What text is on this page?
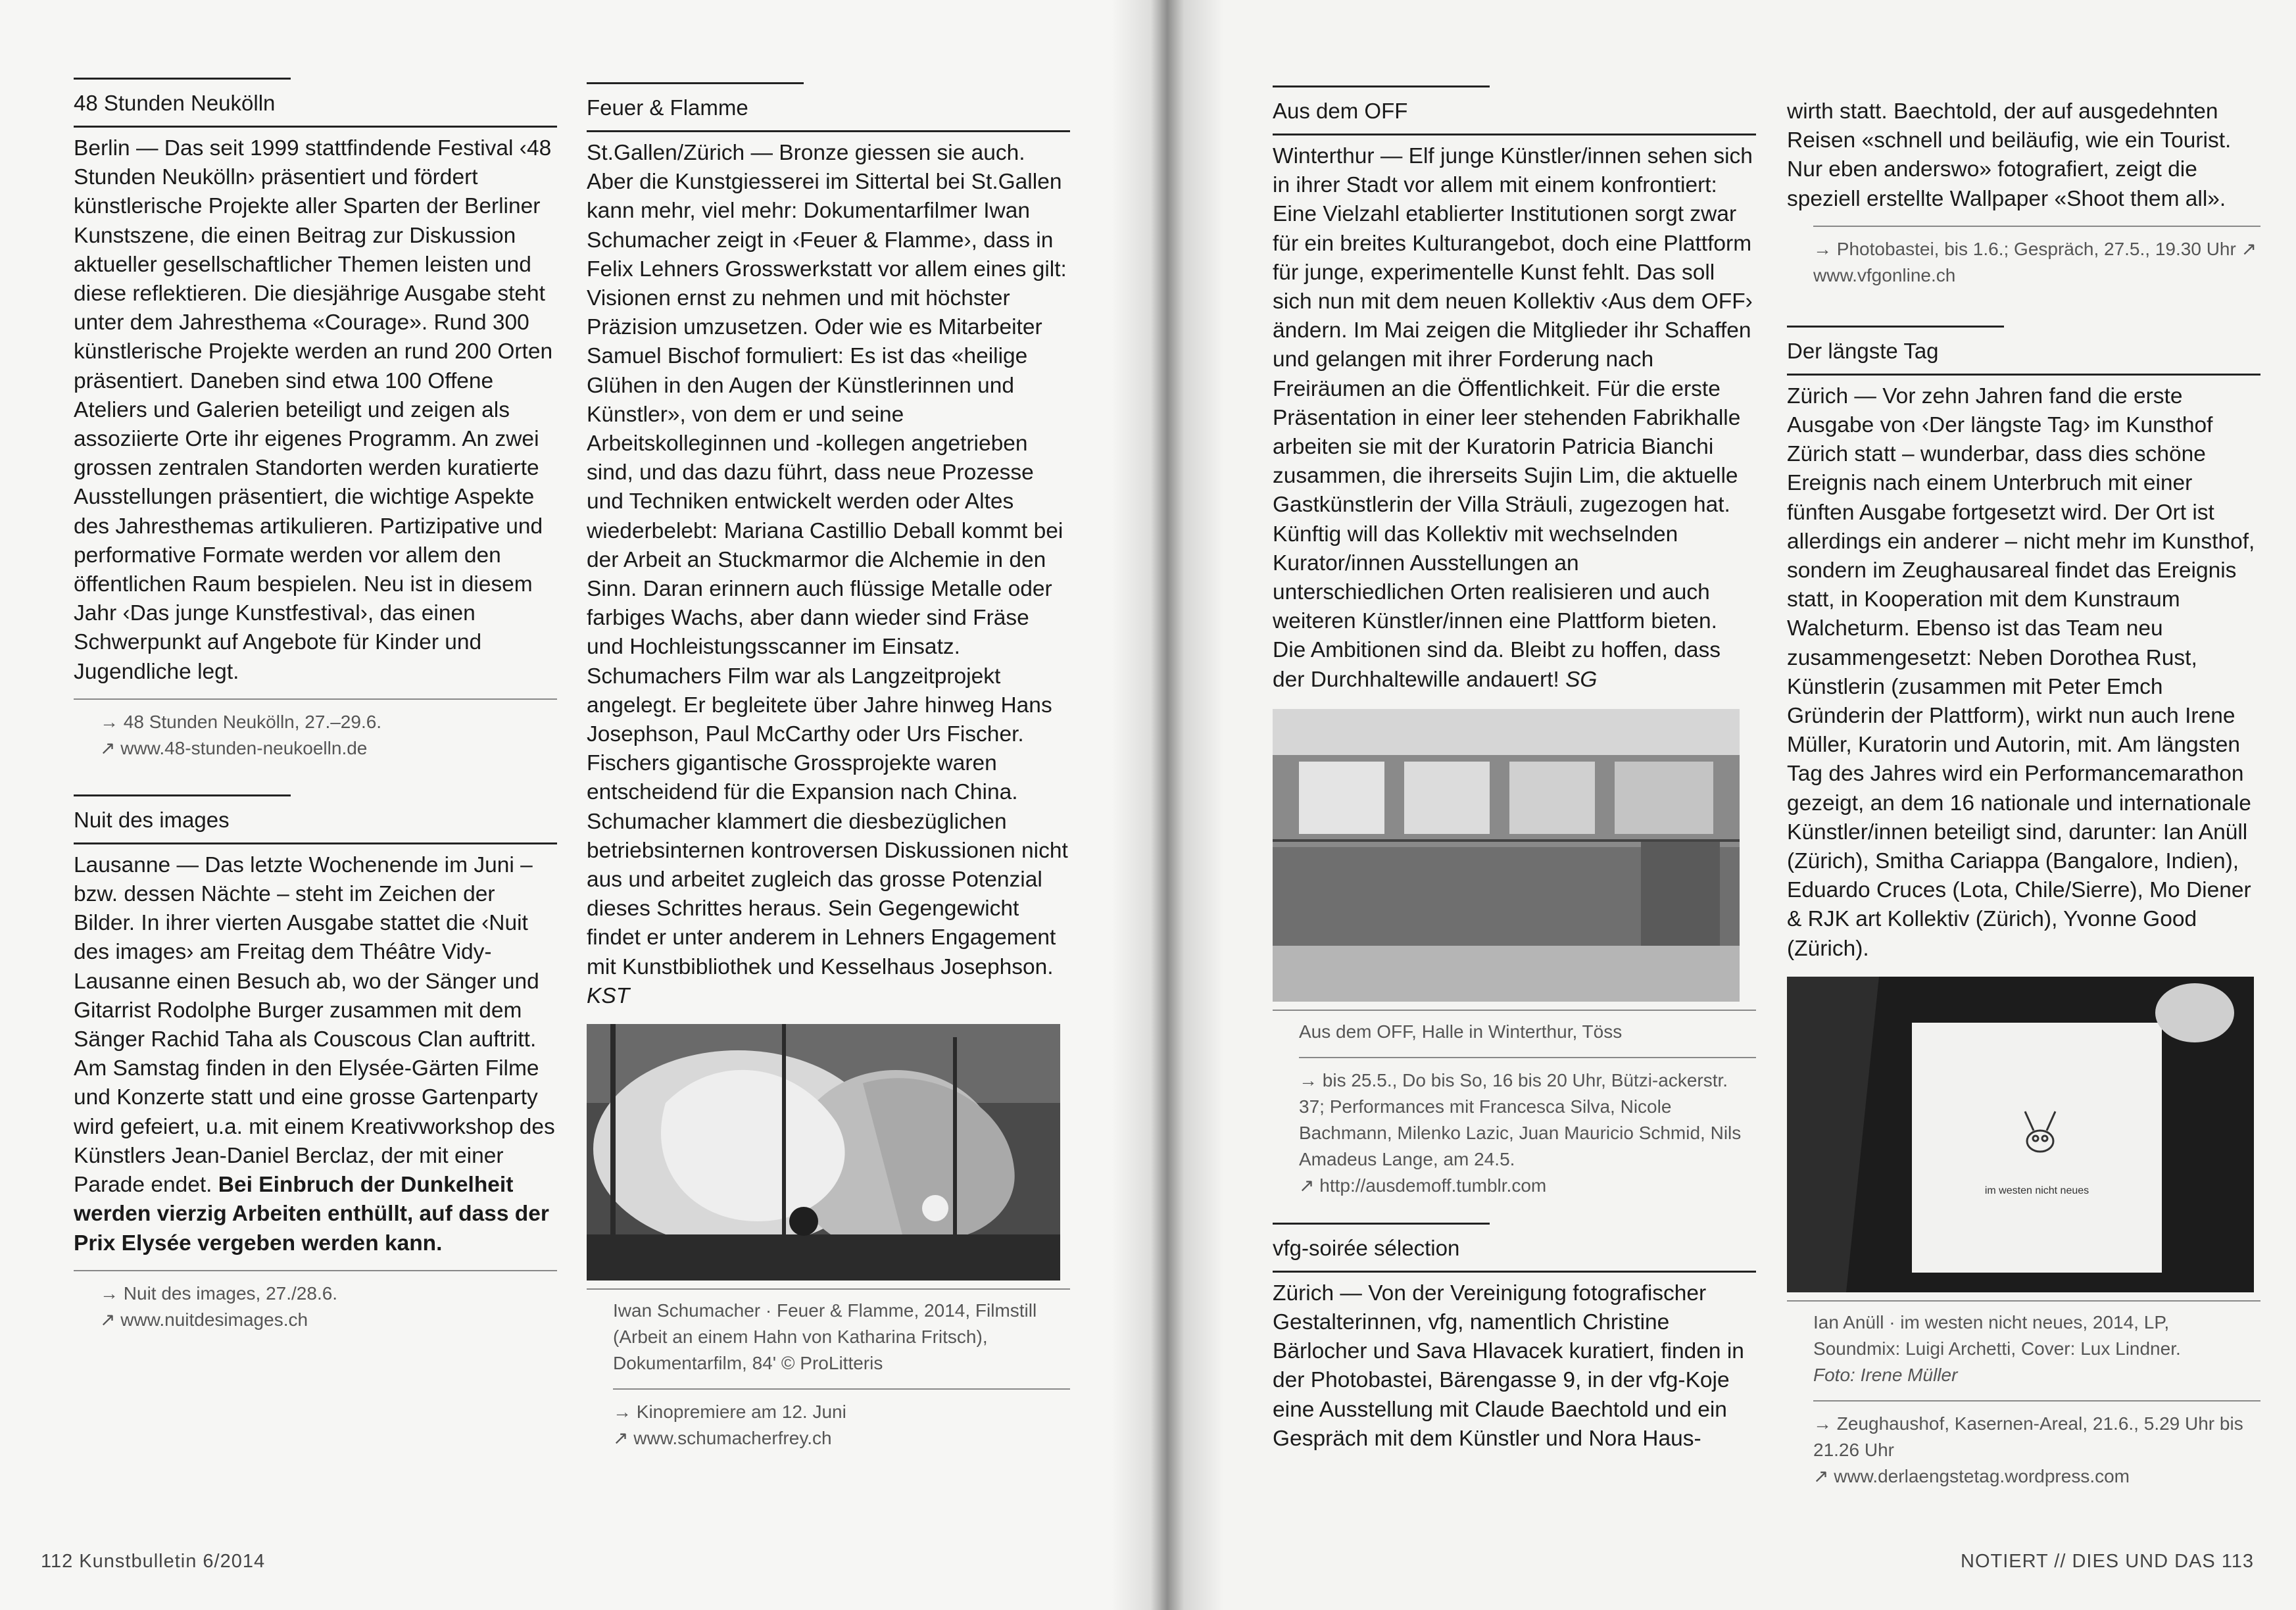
48 Stunden Neukölln

Berlin — Das seit 1999 stattfindende Festival ‹48 Stunden Neukölln› präsentiert und fördert künstlerische Projekte aller Sparten der Berliner Kunstszene, die einen Beitrag zur Diskussion aktueller gesellschaftlicher Themen leisten und diese reflektieren. Die diesjährige Ausgabe steht unter dem Jahresthema «Courage». Rund 300 künstlerische Projekte werden an rund 200 Orten präsentiert. Daneben sind etwa 100 Offene Ateliers und Galerien beteiligt und zeigen als assoziierte Orte ihr eigenes Programm. An zwei grossen zentralen Standorten werden kuratierte Ausstellungen präsentiert, die wichtige Aspekte des Jahresthemas artikulieren. Partizipative und performative Formate werden vor allem den öffentlichen Raum bespielen. Neu ist in diesem Jahr ‹Das junge Kunstfestival›, das einen Schwerpunkt auf Angebote für Kinder und Jugendliche legt.

→ 48 Stunden Neukölln, 27.–29.6.

↗ www.48-stunden-neukoelln.de

Nuit des images

Lausanne — Das letzte Wochenende im Juni – bzw. dessen Nächte – steht im Zeichen der Bilder. In ihrer vierten Ausgabe stattet die ‹Nuit des images› am Freitag dem Théâtre Vidy-Lausanne einen Besuch ab, wo der Sänger und Gitarrist Rodolphe Burger zusammen mit dem Sänger Rachid Taha als Couscous Clan auftritt. Am Samstag finden in den Elysée-Gärten Filme und Konzerte statt und eine grosse Gartenparty wird gefeiert, u.a. mit einem Kreativworkshop des Künstlers Jean-Daniel Berclaz, der mit einer Parade endet. Bei Einbruch der Dunkelheit werden vierzig Arbeiten enthüllt, auf dass der Prix Elysée vergeben werden kann.

→ Nuit des images, 27./28.6.

↗ www.nuitdesimages.ch

Feuer & Flamme

St.Gallen/Zürich — Bronze giessen sie auch. Aber die Kunstgiesserei im Sittertal bei St.Gallen kann mehr, viel mehr: Dokumentarfilmer Iwan Schumacher zeigt in ‹Feuer & Flamme›, dass in Felix Lehners Grosswerkstatt vor allem eines gilt: Visionen ernst zu nehmen und mit höchster Präzision umzusetzen. Oder wie es Mitarbeiter Samuel Bischof formuliert: Es ist das «heilige Glühen in den Augen der Künstlerinnen und Künstler», von dem er und seine Arbeitskolleginnen und -kollegen angetrieben sind, und das dazu führt, dass neue Prozesse und Techniken entwickelt werden oder Altes wiederbelebt: Mariana Castillio Deball kommt bei der Arbeit an Stuckmarmor die Alchemie in den Sinn. Daran erinnern auch flüssige Metalle oder farbiges Wachs, aber dann wieder sind Fräse und Hochleistungsscanner im Einsatz. Schumachers Film war als Langzeitprojekt angelegt. Er begleitete über Jahre hinweg Hans Josephson, Paul McCarthy oder Urs Fischer. Fischers gigantische Grossprojekte waren entscheidend für die Expansion nach China. Schumacher klammert die diesbezüglichen betriebsinternen kontroversen Diskussionen nicht aus und arbeitet zugleich das grosse Potenzial dieses Schrittes heraus. Sein Gegengewicht findet er unter anderem in Lehners Engagement mit Kunstbibliothek und Kesselhaus Josephson. KST

Iwan Schumacher · Feuer & Flamme, 2014, Filmstill (Arbeit an einem Hahn von Katharina Fritsch), Dokumentarfilm, 84' © ProLitteris

→ Kinopremiere am 12. Juni

↗ www.schumacherfrey.ch

112 Kunstbulletin 6/2014
Aus dem OFF

Winterthur — Elf junge Künstler/innen sehen sich in ihrer Stadt vor allem mit einem konfrontiert: Eine Vielzahl etablierter Institutionen sorgt zwar für ein breites Kulturangebot, doch eine Plattform für junge, experimentelle Kunst fehlt. Das soll sich nun mit dem neuen Kollektiv ‹Aus dem OFF› ändern. Im Mai zeigen die Mitglieder ihr Schaffen und gelangen mit ihrer Forderung nach Freiräumen an die Öffentlichkeit. Für die erste Präsentation in einer leer stehenden Fabrikhalle arbeiten sie mit der Kuratorin Patricia Bianchi zusammen, die ihrerseits Sujin Lim, die aktuelle Gastkünstlerin der Villa Sträuli, zugezogen hat. Künftig will das Kollektiv mit wechselnden Kurator/innen Ausstellungen an unterschiedlichen Orten realisieren und auch weiteren Künstler/innen eine Plattform bieten. Die Ambitionen sind da. Bleibt zu hoffen, dass der Durchhaltewille andauert! SG

Aus dem OFF, Halle in Winterthur, Töss

→ bis 25.5., Do bis So, 16 bis 20 Uhr, Bützi-ackerstr. 37; Performances mit Francesca Silva, Nicole Bachmann, Milenko Lazic, Juan Mauricio Schmid, Nils Amadeus Lange, am 24.5.

↗ http://ausdemoff.tumblr.com

vfg-soirée sélection

Zürich — Von der Vereinigung fotografischer Gestalterinnen, vfg, namentlich Christine Bärlocher und Sava Hlavacek kuratiert, finden in der Photobastei, Bärengasse 9, in der vfg-Koje eine Ausstellung mit Claude Baechtold und ein Gespräch mit dem Künstler und Nora Haus-

wirth statt. Baechtold, der auf ausgedehnten Reisen «schnell und beiläufig, wie ein Tourist. Nur eben anderswo» fotografiert, zeigt die speziell erstellte Wallpaper «Shoot them all».

→ Photobastei, bis 1.6.; Gespräch, 27.5., 19.30 Uhr ↗ www.vfgonline.ch

Der längste Tag

Zürich — Vor zehn Jahren fand die erste Ausgabe von ‹Der längste Tag› im Kunsthof Zürich statt – wunderbar, dass dies schöne Ereignis nach einem Unterbruch mit einer fünften Ausgabe fortgesetzt wird. Der Ort ist allerdings ein anderer – nicht mehr im Kunsthof, sondern im Zeughausareal findet das Ereignis statt, in Kooperation mit dem Kunstraum Walcheturm. Ebenso ist das Team neu zusammengesetzt: Neben Dorothea Rust, Künstlerin (zusammen mit Peter Emch Gründerin der Plattform), wirkt nun auch Irene Müller, Kuratorin und Autorin, mit. Am längsten Tag des Jahres wird ein Performancemarathon gezeigt, an dem 16 nationale und internationale Künstler/innen beteiligt sind, darunter: Ian Anüll (Zürich), Smitha Cariappa (Bangalore, Indien), Eduardo Cruces (Lota, Chile/Sierre), Mo Diener & RJK art Kollektiv (Zürich), Yvonne Good (Zürich).

im westen nicht neues

Ian Anüll · im westen nicht neues, 2014, LP, Soundmix: Luigi Archetti, Cover: Lux Lindner.

Foto: Irene Müller

→ Zeughaushof, Kasernen-Areal, 21.6., 5.29 Uhr bis 21.26 Uhr

↗ www.derlaengstetag.wordpress.com

NOTIERT // DIES UND DAS 113
